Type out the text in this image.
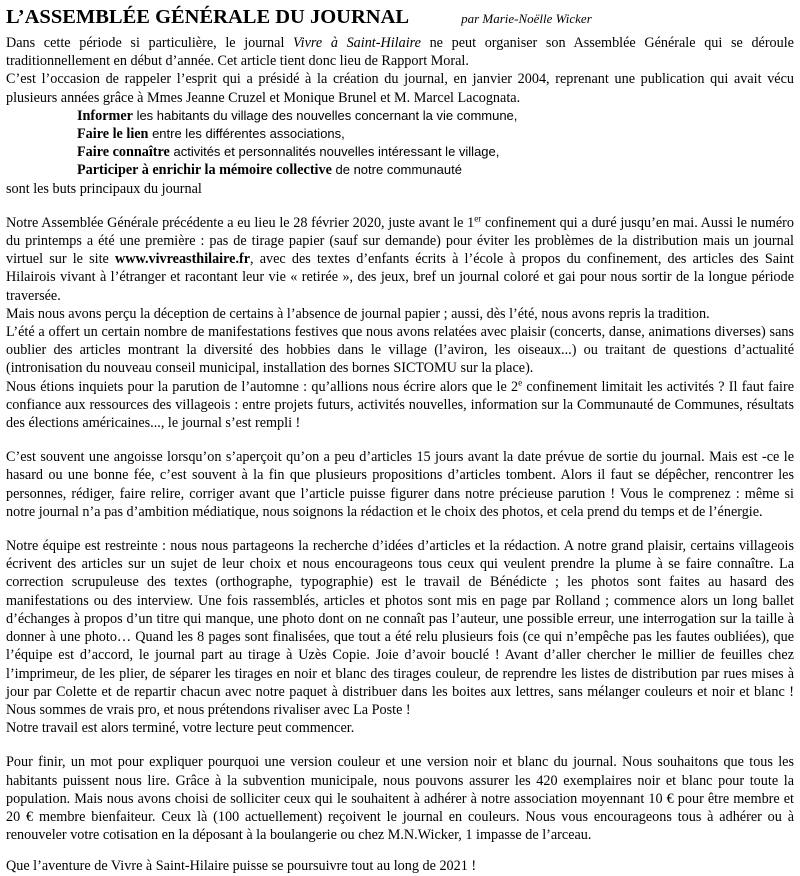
L’ASSEMBLÉE GÉNÉRALE DU JOURNAL	par Marie-Noëlle Wicker

Dans cette période si particulière, le journal Vivre à Saint-Hilaire ne peut organiser son Assemblée Générale qui se déroule traditionnellement en début d’année. Cet article tient donc lieu de Rapport Moral.

C’est l’occasion de rappeler l’esprit qui a présidé à la création du journal, en janvier 2004, reprenant une publication qui avait vécu plusieurs années grâce à Mmes Jeanne Cruzel et Monique Brunel et M. Marcel Lacognata.

Informer les habitants du village des nouvelles concernant la vie commune,
Faire le lien entre les différentes associations,
Faire connaître activités et personnalités nouvelles intéressant le village,
Participer à enrichir la mémoire collective de notre communauté

sont les buts principaux du journal

Notre Assemblée Générale précédente a eu lieu le 28 février 2020, juste avant le 1er confinement qui a duré jusqu’en mai. Aussi le numéro du printemps a été une première : pas de tirage papier (sauf sur demande) pour éviter les problèmes de la distribution mais un journal virtuel sur le site www.vivreasthilaire.fr, avec des textes d’enfants écrits à l’école à propos du confinement, des articles des Saint Hilairois vivant à l’étranger et racontant leur vie « retirée », des jeux, bref un journal coloré et gai pour nous sortir de la longue période traversée.

Mais nous avons perçu la déception de certains à l’absence de journal papier ; aussi, dès l’été, nous avons repris la tradition.

L’été a offert un certain nombre de manifestations festives que nous avons relatées avec plaisir (concerts, danse, animations diverses) sans oublier des articles montrant la diversité des hobbies dans le village (l’aviron, les oiseaux...) ou traitant de questions d’actualité (intronisation du nouveau conseil municipal, installation des bornes SICTOMU sur la place).

Nous étions inquiets pour la parution de l’automne : qu’allions nous écrire alors que le 2e confinement limitait les activités ? Il faut faire confiance aux ressources des villageois : entre projets futurs, activités nouvelles, information sur la Communauté de Communes, résultats des élections américaines..., le journal s’est rempli !

C’est souvent une angoisse lorsqu’on s’aperçoit qu’on a peu d’articles 15 jours avant la date prévue de sortie du journal. Mais est -ce le hasard ou une bonne fée, c’est souvent à la fin que plusieurs propositions d’articles tombent. Alors il faut se dépêcher, rencontrer les personnes, rédiger, faire relire, corriger avant que l’article puisse figurer dans notre précieuse parution ! Vous le comprenez : même si notre journal n’a pas d’ambition médiatique, nous soignons la rédaction et le choix des photos, et cela prend du temps et de l’énergie.

Notre équipe est restreinte : nous nous partageons la recherche d’idées d’articles et la rédaction. A notre grand plaisir, certains villageois écrivent des articles sur un sujet de leur choix et nous encourageons tous ceux qui veulent prendre la plume à se faire connaître. La correction scrupuleuse des textes (orthographe, typographie) est le travail de Bénédicte ; les photos sont faites au hasard des manifestations ou des interview. Une fois rassemblés, articles et photos sont mis en page par Rolland ; commence alors un long ballet d’échanges à propos d’un titre qui manque, une photo dont on ne connaît pas l’auteur, une possible erreur, une interrogation sur la taille à donner à une photo… Quand les 8 pages sont finalisées, que tout a été relu plusieurs fois (ce qui n’empêche pas les fautes oubliées), que l’équipe est d’accord, le journal part au tirage à Uzès Copie. Joie d’avoir bouclé ! Avant d’aller chercher le millier de feuilles chez l’imprimeur, de les plier, de séparer les tirages en noir et blanc des tirages couleur, de reprendre les listes de distribution par rues mises à jour par Colette et de repartir chacun avec notre paquet à distribuer dans les boites aux lettres, sans mélanger couleurs et noir et blanc ! Nous sommes de vrais pro, et nous prétendons rivaliser avec La Poste !

Notre travail est alors terminé, votre lecture peut commencer.

Pour finir, un mot pour expliquer pourquoi une version couleur et une version noir et blanc du journal. Nous souhaitons que tous les habitants puissent nous lire. Grâce à la subvention municipale, nous pouvons assurer les 420 exemplaires noir et blanc pour toute la population. Mais nous avons choisi de solliciter ceux qui le souhaitent à adhérer à notre association moyennant 10 € pour être membre et 20 € membre bienfaiteur. Ceux là (100 actuellement) reçoivent le journal en couleurs. Nous vous encourageons tous à adhérer ou à renouveler votre cotisation en la déposant à la boulangerie ou chez M.N.Wicker, 1 impasse de l’arceau.

Que l’aventure de Vivre à Saint-Hilaire puisse se poursuivre tout au long de 2021 !
